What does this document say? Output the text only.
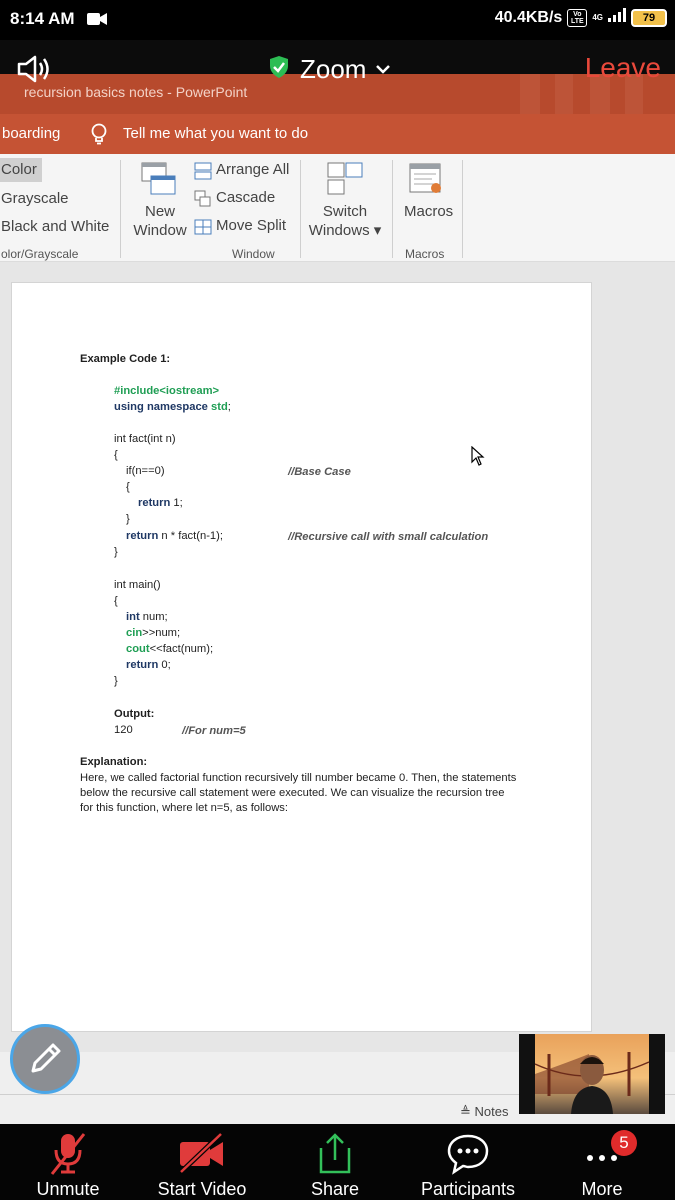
8:14 AM	40.4KB/s	Vo LTE	4G	79
recursion basics notes - PowerPoint
Zoom	Leave
boarding	Tell me what you want to do
Color
Grayscale
Black and White
olor/Grayscale
New
Window
Arrange All
Cascade
Move Split
Window
Switch
Windows ▾
Macros
Macros
Example Code 1:
#include<iostream>
using namespace std;
int fact(int n)
{
if(n==0)	//Base Case
{
return 1;
}
return n * fact(n-1);	//Recursive call with small calculation
}
int main()
{
int num;
cin>>num;
cout<<fact(num);
return 0;
}
Output:
120	//For num=5
Explanation:
Here, we called factorial function recursively till number became 0. Then, the statements below the recursive call statement were executed. We can visualize the recursion tree for this function, where let n=5, as follows:
≜ Notes
Unmute	Start Video	Share	Participants	More
5
